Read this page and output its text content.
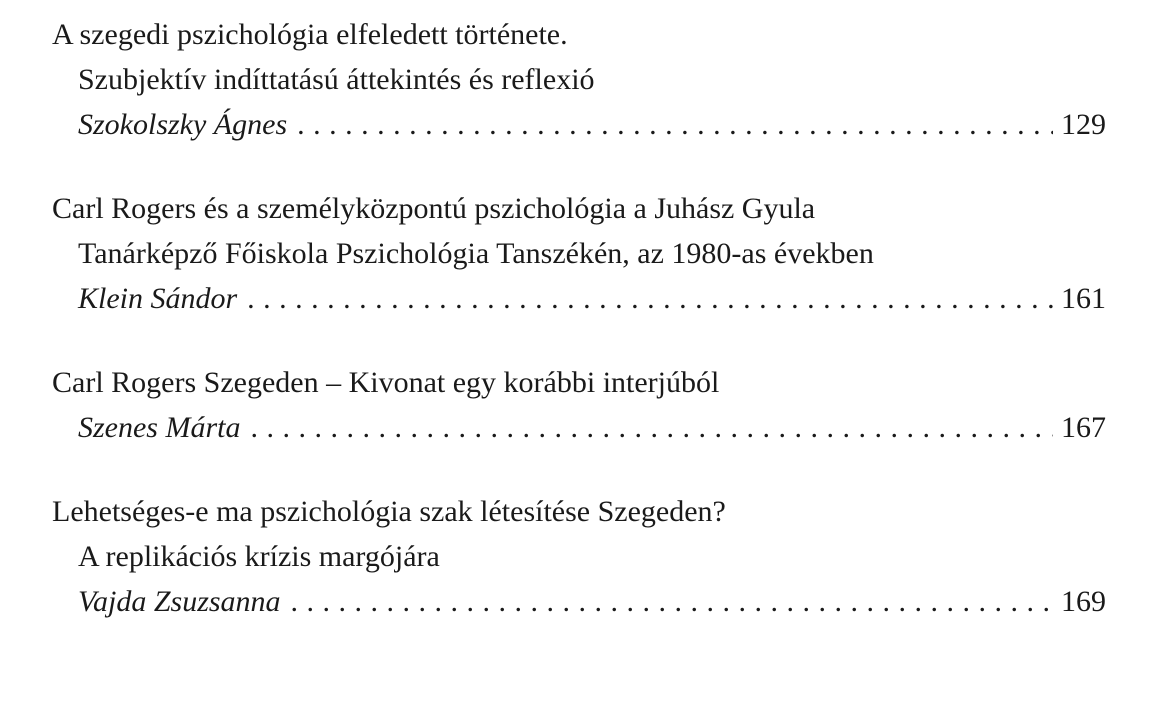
A szegedi pszichológia elfeledett története.
Szubjektív indíttatású áttekintés és reflexió
Szokolszky Ágnes . . .	129
Carl Rogers és a személyközpontú pszichológia a Juhász Gyula
Tanárképző Főiskola Pszichológia Tanszékén, az 1980-as években
Klein Sándor . . .	161
Carl Rogers Szegeden – Kivonat egy korábbi interjúból
Szenes Márta . . .	167
Lehetséges-e ma pszichológia szak létesítése Szegeden?
A replikációs krízis margójára
Vajda Zsuzsanna . . .	169
